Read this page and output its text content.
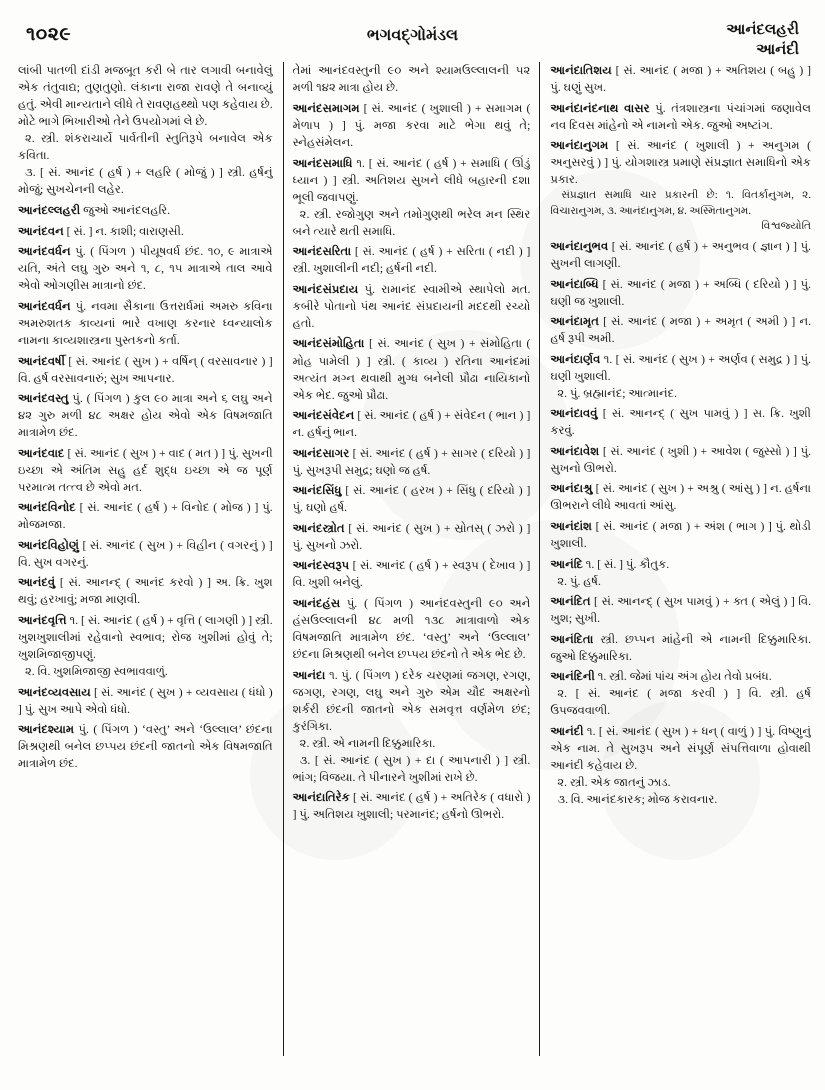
૧૦૨૯	ભગવદ્ગોમંડલ	આનંદલહરી
આનંદી

લાંબી પાતળી દાંડી મજબૂત કરી બે તાર લગાવી બનાવેલું એક તંતુવાદ્ય; તુણતુણો. લંકાના રાજા રાવણે તે બનાવ્યું હતું. એવી માન્યતાને લીધે તે રાવણહથ્થો પણ કહેવાય છે. મોટે ભાગે ભિખારીઓ તેને ઉપયોગમાં લે છે.

૨. સ્ત્રી. શંકરાચાર્યે પાર્વતીની સ્તુતિરૂપે બનાવેલ એક કવિતા.

૩. [ સં. આનંદ ( હર્ષ ) + લહરિ ( મોજું ) ] સ્ત્રી. હર્ષનું મોજું; સુખચેનની લહેર.

આનંદલ્લહરી જુઓ આનંદલહરિ.

આનંદવન [ સં. ] ન. કાશી; વારાણસી.

આનંદવર્ધન પું. ( પિંગળ ) પીયૂષવર્ધ છંદ. ૧૦, ૯ માત્રાએ યતિ, અંતે લઘુ ગુરુ અને ૧, ૮, ૧૫ માત્રાએ તાલ આવે એવો ઓગણીસ માત્રાનો છંદ.

આનંદવર્ધન પું. નવમા સૈકાના ઉત્તરાર્ધમાં અમરુ કવિના અમરુશતક કાવ્યનાં ભારે વખાણ કરનાર ધ્વન્યાલોક નામના કાવ્યશાસ્ત્રના પુસ્તકનો કર્તા.

આનંદવર્ષી [ સં. આનંદ ( સુખ ) + વર્ષિન્ ( વરસાવનાર ) ] વિ. હર્ષ વરસાવનારું; સુખ આપનાર.

આનંદવસ્તુ પું. ( પિંગળ ) કુલ ૯૦ માત્રા અને ૬ લઘુ અને ૪૨ ગુરુ મળી ૪૮ અક્ષર હોય એવો એક વિષમજાતિ માત્રામેળ છંદ.

આનંદવાદ [ સં. આનંદ ( સુખ ) + વાદ ( મત ) ] પું. સુખની ઇચ્છા એ અંતિમ સહુ હર્દ શુદ્ધ ઇચ્છા એ જ પૂર્ણ પરમાત્મ તત્ત્વ છે એવો મત.

આનંદવિનોદ [ સં. આનંદ ( હર્ષ ) + વિનોદ ( મોજ ) ] પું. મોજમજા.

આનંદવિહોણું [ સં. આનંદ ( સુખ ) + વિહીન ( વગરનું ) ] વિ. સુખ વગરનું.

આનંદવું [ સં. આનન્દ્ ( આનંદ કરવો ) ] અ. ક્રિ. ખુશ થવું; હરખાવું; મજા માણવી.

આનંદવૃત્તિ ૧. [ સં. આનંદ ( હર્ષ ) + વૃત્તિ ( લાગણી ) ] સ્ત્રી. ખુશખુશાલીમાં રહેવાનો સ્વભાવ; રોજ ખુશીમાં હોવું તે; ખુશમિજાજીપણું.

૨. વિ. ખુશમિજાજી સ્વભાવવાળું.

આનંદવ્યવસાય [ સં. આનંદ ( સુખ ) + વ્યવસાય ( ધંધો ) ] પું. સુખ આપે એવો ધંધો.

આનંદશ્યામ પું. ( પિંગળ ) ‘વસ્તુ’ અને ‘ઉલ્લાલ’ છંદના મિશ્રણથી બનેલ છપ્પય છંદની જાતનો એક વિષમજાતિ માત્રામેળ છંદ.

તેમાં આનંદવસ્તુની ૯૦ અને શ્યામઉલ્લાલની ૫૨ મળી ૧૪૨ માત્રા હોય છે.

આનંદસમાગમ [ સં. આનંદ ( ખુશાલી ) + સમાગમ ( મેળાપ ) ] પું. મજા કરવા માટે ભેગા થવું તે; સ્નેહસંમેલન.

આનંદસમાધિ ૧. [ સં. આનંદ ( હર્ષ ) + સમાધિ ( ઊંડું ધ્યાન ) ] સ્ત્રી. અતિશય સુખને લીધે બહારની દશા ભૂલી જવાપણું.

૨. સ્ત્રી. રજોગુણ અને તમોગુણથી ભરેલ મન સ્થિર બને ત્યારે થતી સમાધિ.

આનંદસરિતા [ સં. આનંદ ( હર્ષ ) + સરિતા ( નદી ) ] સ્ત્રી. ખુશાલીની નદી; હર્ષની નદી.

આનંદસંપ્રદાય પું. રામાનંદ સ્વામીએ સ્થાપેલો મત. કબીરે પોતાનો પંથ આનંદ સંપ્રદાયની મદદથી રચ્યો હતો.

આનંદસંમોહિતા [ સં. આનંદ ( સુખ ) + સંમોહિતા ( મોહ પામેલી ) ] સ્ત્રી. ( કાવ્ય ) રતિના આનંદમાં અત્યંત મગ્ન થવાથી મુગ્ધ બનેલી પ્રૌઢા નાયિકાનો એક ભેદ. જુઓ પ્રૌઢા.

આનંદસંવેદન [ સં. આનંદ ( હર્ષ ) + સંવેદન ( ભાન ) ] ન. હર્ષનું ભાન.

આનંદસાગર [ સં. આનંદ ( હર્ષ ) + સાગર ( દરિયો ) ] પું. સુખરૂપી સમુદ્ર; ઘણો જ હર્ષ.

આનંદસિંધુ [ સં. આનંદ ( હરખ ) + સિંધુ ( દરિયો ) ] પું. ઘણો હર્ષ.

આનંદસ્ત્રોત [ સં. આનંદ ( સુખ ) + સ્રોતસ્ ( ઝરો ) ] પું. સુખનો ઝરો.

આનંદસ્વરૂપ [ સં. આનંદ ( હર્ષ ) + સ્વરૂપ ( દેખાવ ) ] વિ. ખુશી બનેલું.

આનંદહંસ પું. ( પિંગળ ) આનંદવસ્તુની ૯૦ અને હંસઉલ્લાલની ૪૮ મળી ૧૩૮ માત્રાવાળો એક વિષમજાતિ માત્રામેળ છંદ. ‘વસ્તુ’ અને ‘ઉલ્લાલ’ છંદના મિશ્રણથી બનેલ છપ્પય છંદનો તે એક ભેદ છે.

આનંદા ૧. પું. ( પિંગળ ) દરેક ચરણમાં જગણ, રગણ, જગણ, રગણ, લઘુ અને ગુરુ એમ ચૌદ અક્ષરનો શર્કરી છંદની જાતનો એક સમવૃત્ત વર્ણમેળ છંદ; કુરંગિકા.

૨. સ્ત્રી. એ નામની દિક્કુમારિકા.

૩. [ સં. આનંદ ( સુખ ) + દા ( આપનારી ) ] સ્ત્રી. ભાંગ; વિજયા. તે પીનારને ખુશીમાં રાખે છે.

આનંદાતિરેક [ સં. આનંદ ( હર્ષ ) + અતિરેક ( વધારો ) ] પું. અતિશય ખુશાલી; પરમાનંદ; હર્ષનો ઊભરો.

આનંદાતિશય [ સં. આનંદ ( મજા ) + અતિશય ( બહુ ) ] પું. ઘણું સુખ.

આનંદાનંદનાથ વાસર પું. તંત્રશાસ્ત્રના પંચાંગમાં જણાવેલ નવ દિવસ માંહેનો એ નામનો એક. જુઓ અષ્ટાંગ.

આનંદાનુગમ [ સં. આનંદ ( ખુશાલી ) + અનુગમ ( અનુસરવું ) ] પું. યોગશાસ્ત્ર પ્રમાણે સંપ્રજ્ઞાત સમાધિનો એક પ્રકાર.

સંપ્રજ્ઞાત સમાધિ ચાર પ્રકારની છે: ૧. વિતર્કાનુગમ, ૨. વિચારાનુગમ, ૩. આનંદાનુગમ, ૪. અસ્મિતાનુગમ.
વિશ્વજ્યોતિ

આનંદાનુભવ [ સં. આનંદ ( હર્ષ ) + અનુભવ ( જ્ઞાન ) ] પું. સુખની લાગણી.

આનંદાબ્ધિ [ સં. આનંદ ( મજા ) + અબ્ધિ ( દરિયો ) ] પું. ઘણી જ ખુશાલી.

આનંદામૃત [ સં. આનંદ ( મજા ) + અમૃત ( અમી ) ] ન. હર્ષ રૂપી અમી.

આનંદાર્ણવ ૧. [ સં. આનંદ ( સુખ ) + અર્ણવ ( સમુદ્ર ) ] પું. ઘણી ખુશાલી.

૨. પું. બ્રહ્માનંદ; આત્માનંદ.

આનંદાવવું [ સં. આનન્દ્ ( સુખ પામવું ) ] સ. ક્રિ. ખુશી કરવું.

આનંદાવેશ [ સં. આનંદ ( ખુશી ) + આવેશ ( જુસ્સો ) ] પું. સુખનો ઊભરો.

આનંદાશ્રુ [ સં. આનંદ ( સુખ ) + અશ્રુ ( આંસુ ) ] ન. હર્ષના ઊભરાને લીધે આવતાં આંસુ.

આનંદાંશ [ સં. આનંદ ( મજા ) + અંશ ( ભાગ ) ] પું. થોડી ખુશાલી.

આનંદિ ૧. [ સં. ] પું. કૌતુક.

૨. પું. હર્ષ.

આનંદિત [ સં. આનન્દ્ ( સુખ પામવું ) + ક્ત ( એલું ) ] વિ. ખુશ; સુખી.

આનંદિતા સ્ત્રી. છપ્પન માંહેની એ નામની દિક્કુમારિકા. જુઓ દિક્કુમારિકા.

આનંદિની ૧. સ્ત્રી. જેમાં પાંચ અંગ હોય તેવો પ્રબંધ.

૨. [ સં. આનંદ ( મજા કરવી ) ] વિ. સ્ત્રી. હર્ષ ઉપજવવાળી.

આનંદી ૧. [ સં. આનંદ ( સુખ ) + ધન્ ( વાળું ) ] પું. વિષ્ણુનું એક નામ. તે સુખરૂપ અને સંપૂર્ણ સંપત્તિવાળા હોવાથી આનંદી કહેવાય છે.

૨. સ્ત્રી. એક જાતનું ઝાડ.

૩. વિ. આનંદકારક; મોજ કરાવનાર.
